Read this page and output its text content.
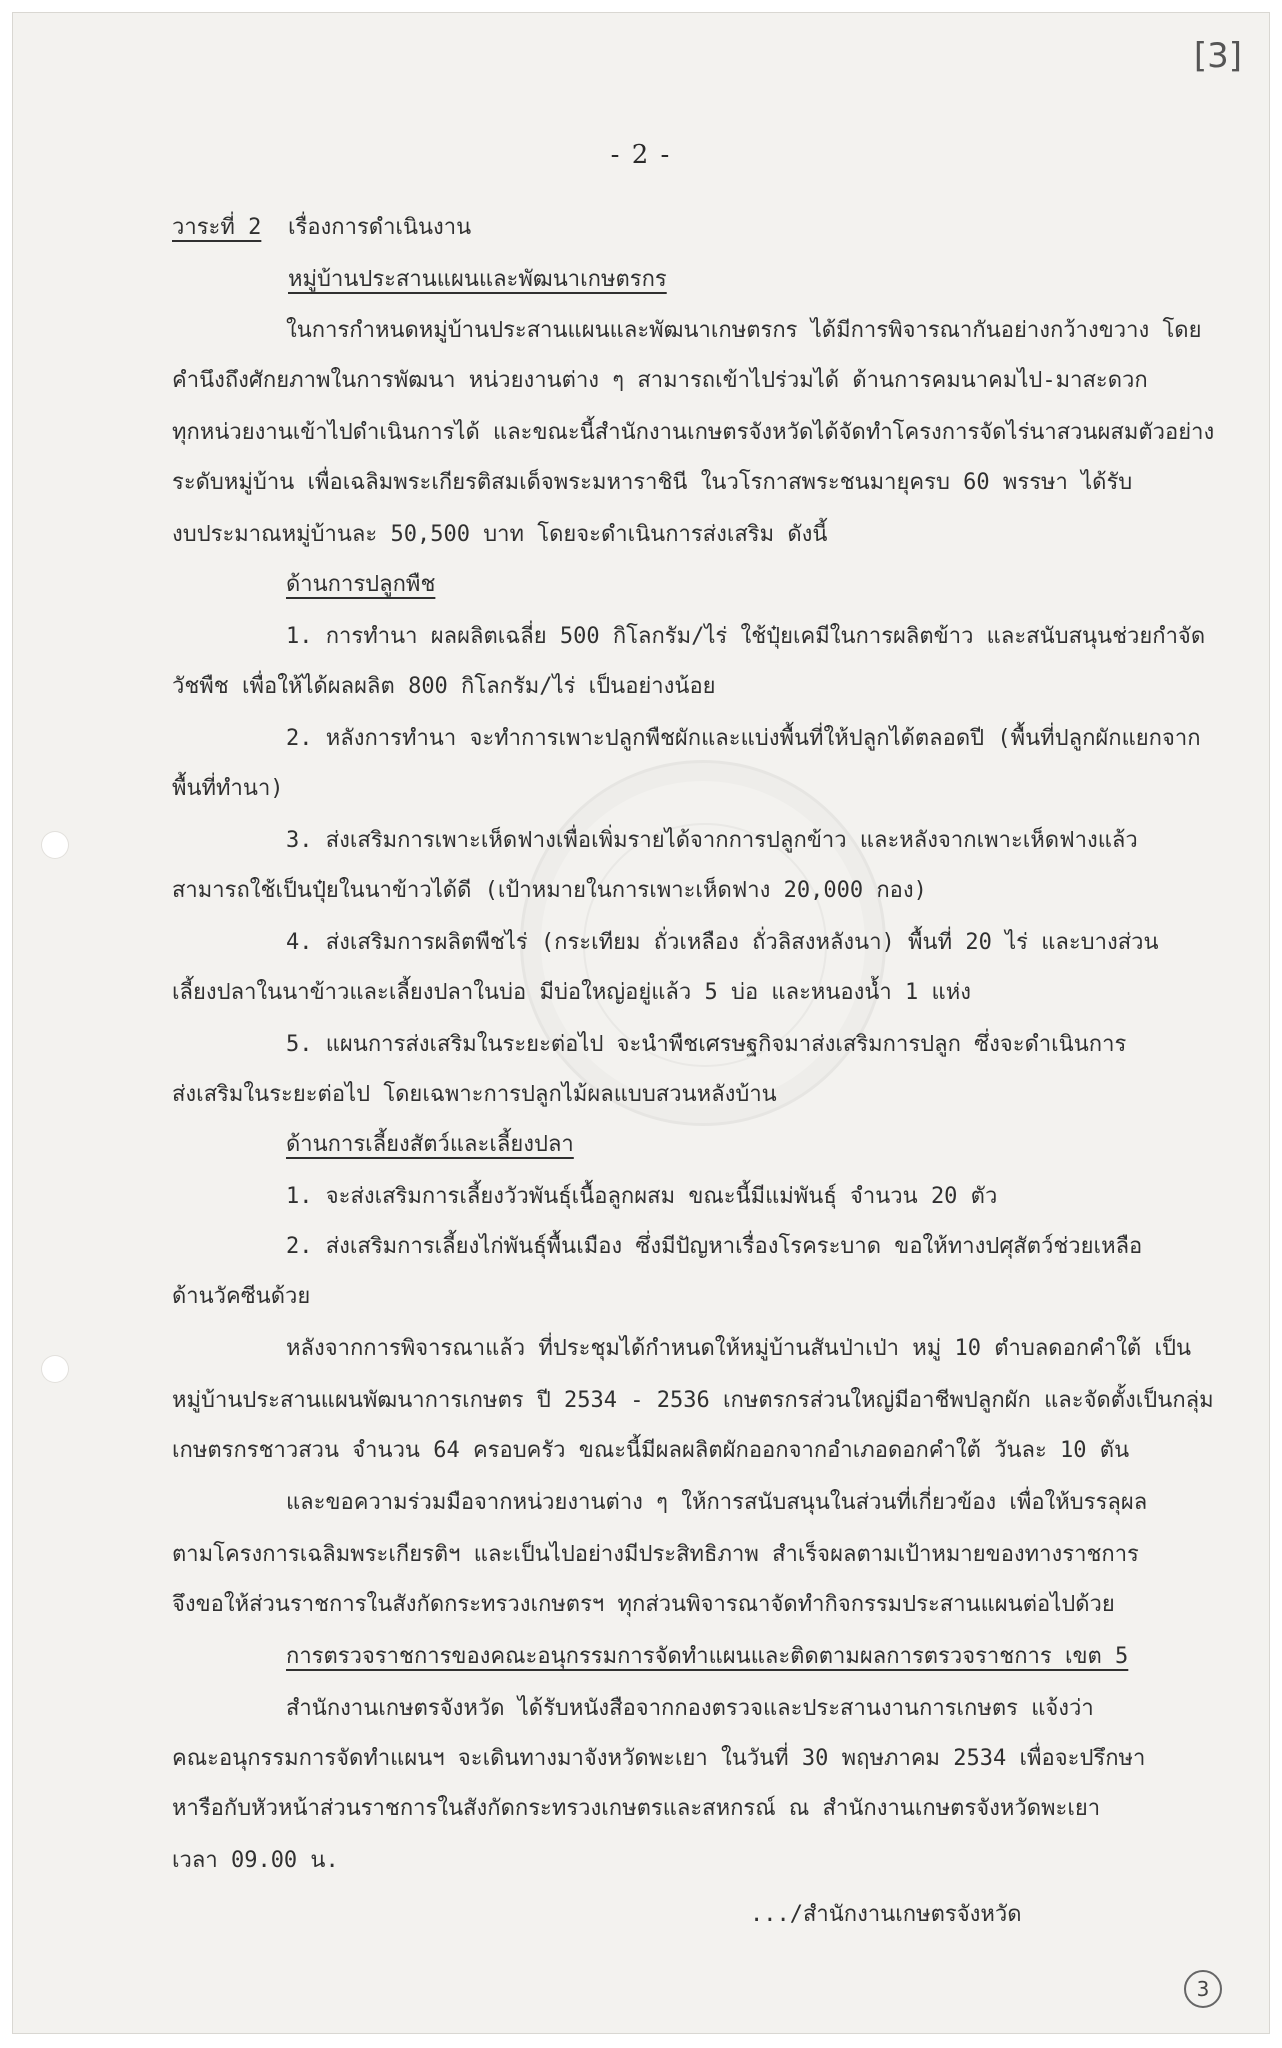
[3]
- 2 -
วาระที่ 2 เรื่องการดำเนินงาน
หมู่บ้านประสานแผนและพัฒนาเกษตรกร
ในการกำหนดหมู่บ้านประสานแผนและพัฒนาเกษตรกร ได้มีการพิจารณากันอย่างกว้างขวาง โดย
คำนึงถึงศักยภาพในการพัฒนา หน่วยงานต่าง ๆ สามารถเข้าไปร่วมได้ ด้านการคมนาคมไป-มาสะดวก
ทุกหน่วยงานเข้าไปดำเนินการได้ และขณะนี้สำนักงานเกษตรจังหวัดได้จัดทำโครงการจัดไร่นาสวนผสมตัวอย่าง
ระดับหมู่บ้าน เพื่อเฉลิมพระเกียรติสมเด็จพระมหาราชินี ในวโรกาสพระชนมายุครบ 60 พรรษา ได้รับ
งบประมาณหมู่บ้านละ 50,500 บาท โดยจะดำเนินการส่งเสริม ดังนี้
ด้านการปลูกพืช
1. การทำนา ผลผลิตเฉลี่ย 500 กิโลกรัม/ไร่ ใช้ปุ๋ยเคมีในการผลิตข้าว และสนับสนุนช่วยกำจัด
วัชพืช เพื่อให้ได้ผลผลิต 800 กิโลกรัม/ไร่ เป็นอย่างน้อย
2. หลังการทำนา จะทำการเพาะปลูกพืชผักและแบ่งพื้นที่ให้ปลูกได้ตลอดปี (พื้นที่ปลูกผักแยกจาก
พื้นที่ทำนา)
3. ส่งเสริมการเพาะเห็ดฟางเพื่อเพิ่มรายได้จากการปลูกข้าว และหลังจากเพาะเห็ดฟางแล้ว
สามารถใช้เป็นปุ๋ยในนาข้าวได้ดี (เป้าหมายในการเพาะเห็ดฟาง 20,000 กอง)
4. ส่งเสริมการผลิตพืชไร่ (กระเทียม ถั่วเหลือง ถั่วลิสงหลังนา) พื้นที่ 20 ไร่ และบางส่วน
เลี้ยงปลาในนาข้าวและเลี้ยงปลาในบ่อ มีบ่อใหญ่อยู่แล้ว 5 บ่อ และหนองน้ำ 1 แห่ง
5. แผนการส่งเสริมในระยะต่อไป จะนำพืชเศรษฐกิจมาส่งเสริมการปลูก ซึ่งจะดำเนินการ
ส่งเสริมในระยะต่อไป โดยเฉพาะการปลูกไม้ผลแบบสวนหลังบ้าน
ด้านการเลี้ยงสัตว์และเลี้ยงปลา
1. จะส่งเสริมการเลี้ยงวัวพันธุ์เนื้อลูกผสม ขณะนี้มีแม่พันธุ์ จำนวน 20 ตัว
2. ส่งเสริมการเลี้ยงไก่พันธุ์พื้นเมือง ซึ่งมีปัญหาเรื่องโรคระบาด ขอให้ทางปศุสัตว์ช่วยเหลือ
ด้านวัคซีนด้วย
หลังจากการพิจารณาแล้ว ที่ประชุมได้กำหนดให้หมู่บ้านสันป่าเป่า หมู่ 10 ตำบลดอกคำใต้ เป็น
หมู่บ้านประสานแผนพัฒนาการเกษตร ปี 2534 - 2536 เกษตรกรส่วนใหญ่มีอาชีพปลูกผัก และจัดตั้งเป็นกลุ่ม
เกษตรกรชาวสวน จำนวน 64 ครอบครัว ขณะนี้มีผลผลิตผักออกจากอำเภอดอกคำใต้ วันละ 10 ตัน
และขอความร่วมมือจากหน่วยงานต่าง ๆ ให้การสนับสนุนในส่วนที่เกี่ยวข้อง เพื่อให้บรรลุผล
ตามโครงการเฉลิมพระเกียรติฯ และเป็นไปอย่างมีประสิทธิภาพ สำเร็จผลตามเป้าหมายของทางราชการ
จึงขอให้ส่วนราชการในสังกัดกระทรวงเกษตรฯ ทุกส่วนพิจารณาจัดทำกิจกรรมประสานแผนต่อไปด้วย
การตรวจราชการของคณะอนุกรรมการจัดทำแผนและติดตามผลการตรวจราชการ เขต 5
สำนักงานเกษตรจังหวัด ได้รับหนังสือจากกองตรวจและประสานงานการเกษตร แจ้งว่า
คณะอนุกรรมการจัดทำแผนฯ จะเดินทางมาจังหวัดพะเยา ในวันที่ 30 พฤษภาคม 2534 เพื่อจะปรึกษา
หารือกับหัวหน้าส่วนราชการในสังกัดกระทรวงเกษตรและสหกรณ์ ณ สำนักงานเกษตรจังหวัดพะเยา
เวลา 09.00 น.
.../สำนักงานเกษตรจังหวัด
3
